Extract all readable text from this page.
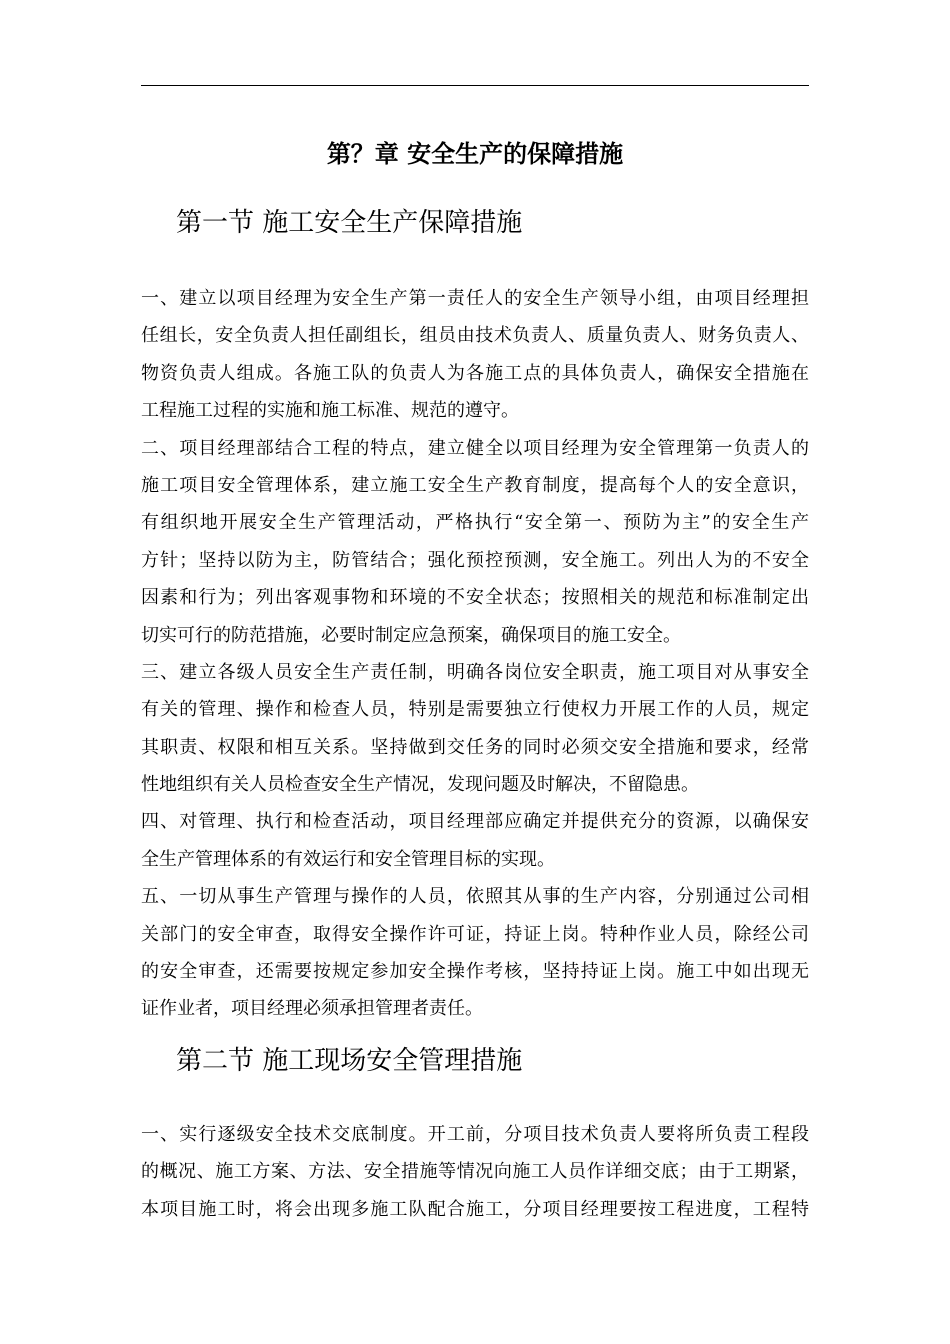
第？章 安全生产的保障措施
第一节 施工安全生产保障措施
一、建立以项目经理为安全生产第一责任人的安全生产领导小组，由项目经理担
任组长，安全负责人担任副组长，组员由技术负责人、质量负责人、财务负责人、
物资负责人组成。各施工队的负责人为各施工点的具体负责人，确保安全措施在
工程施工过程的实施和施工标准、规范的遵守。
二、项目经理部结合工程的特点，建立健全以项目经理为安全管理第一负责人的
施工项目安全管理体系，建立施工安全生产教育制度，提高每个人的安全意识，
有组织地开展安全生产管理活动，严格执行“安全第一、预防为主”的安全生产
方针；坚持以防为主，防管结合；强化预控预测，安全施工。列出人为的不安全
因素和行为；列出客观事物和环境的不安全状态；按照相关的规范和标准制定出
切实可行的防范措施，必要时制定应急预案，确保项目的施工安全。
三、建立各级人员安全生产责任制，明确各岗位安全职责，施工项目对从事安全
有关的管理、操作和检查人员，特别是需要独立行使权力开展工作的人员，规定
其职责、权限和相互关系。坚持做到交任务的同时必须交安全措施和要求，经常
性地组织有关人员检查安全生产情况，发现问题及时解决，不留隐患。
四、对管理、执行和检查活动，项目经理部应确定并提供充分的资源，以确保安
全生产管理体系的有效运行和安全管理目标的实现。
五、一切从事生产管理与操作的人员，依照其从事的生产内容，分别通过公司相
关部门的安全审查，取得安全操作许可证，持证上岗。特种作业人员，除经公司
的安全审查，还需要按规定参加安全操作考核，坚持持证上岗。施工中如出现无
证作业者，项目经理必须承担管理者责任。
第二节 施工现场安全管理措施
一、实行逐级安全技术交底制度。开工前，分项目技术负责人要将所负责工程段
的概况、施工方案、方法、安全措施等情况向施工人员作详细交底；由于工期紧，
本项目施工时，将会出现多施工队配合施工，分项目经理要按工程进度，工程特
